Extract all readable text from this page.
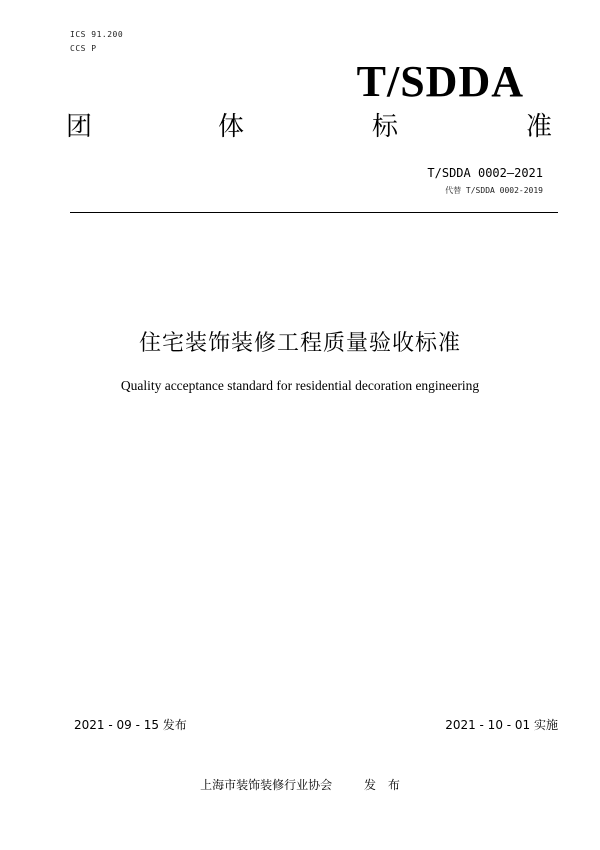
ICS 91.200
CCS P
T/SDDA
团	体	标	准
T/SDDA 0002—2021
代替 T/SDDA 0002-2019
住宅装饰装修工程质量验收标准
Quality acceptance standard for residential decoration engineering
2021 - 09 - 15 发布	2021 - 10 - 01 实施
上海市装饰装修行业协会	发 布
